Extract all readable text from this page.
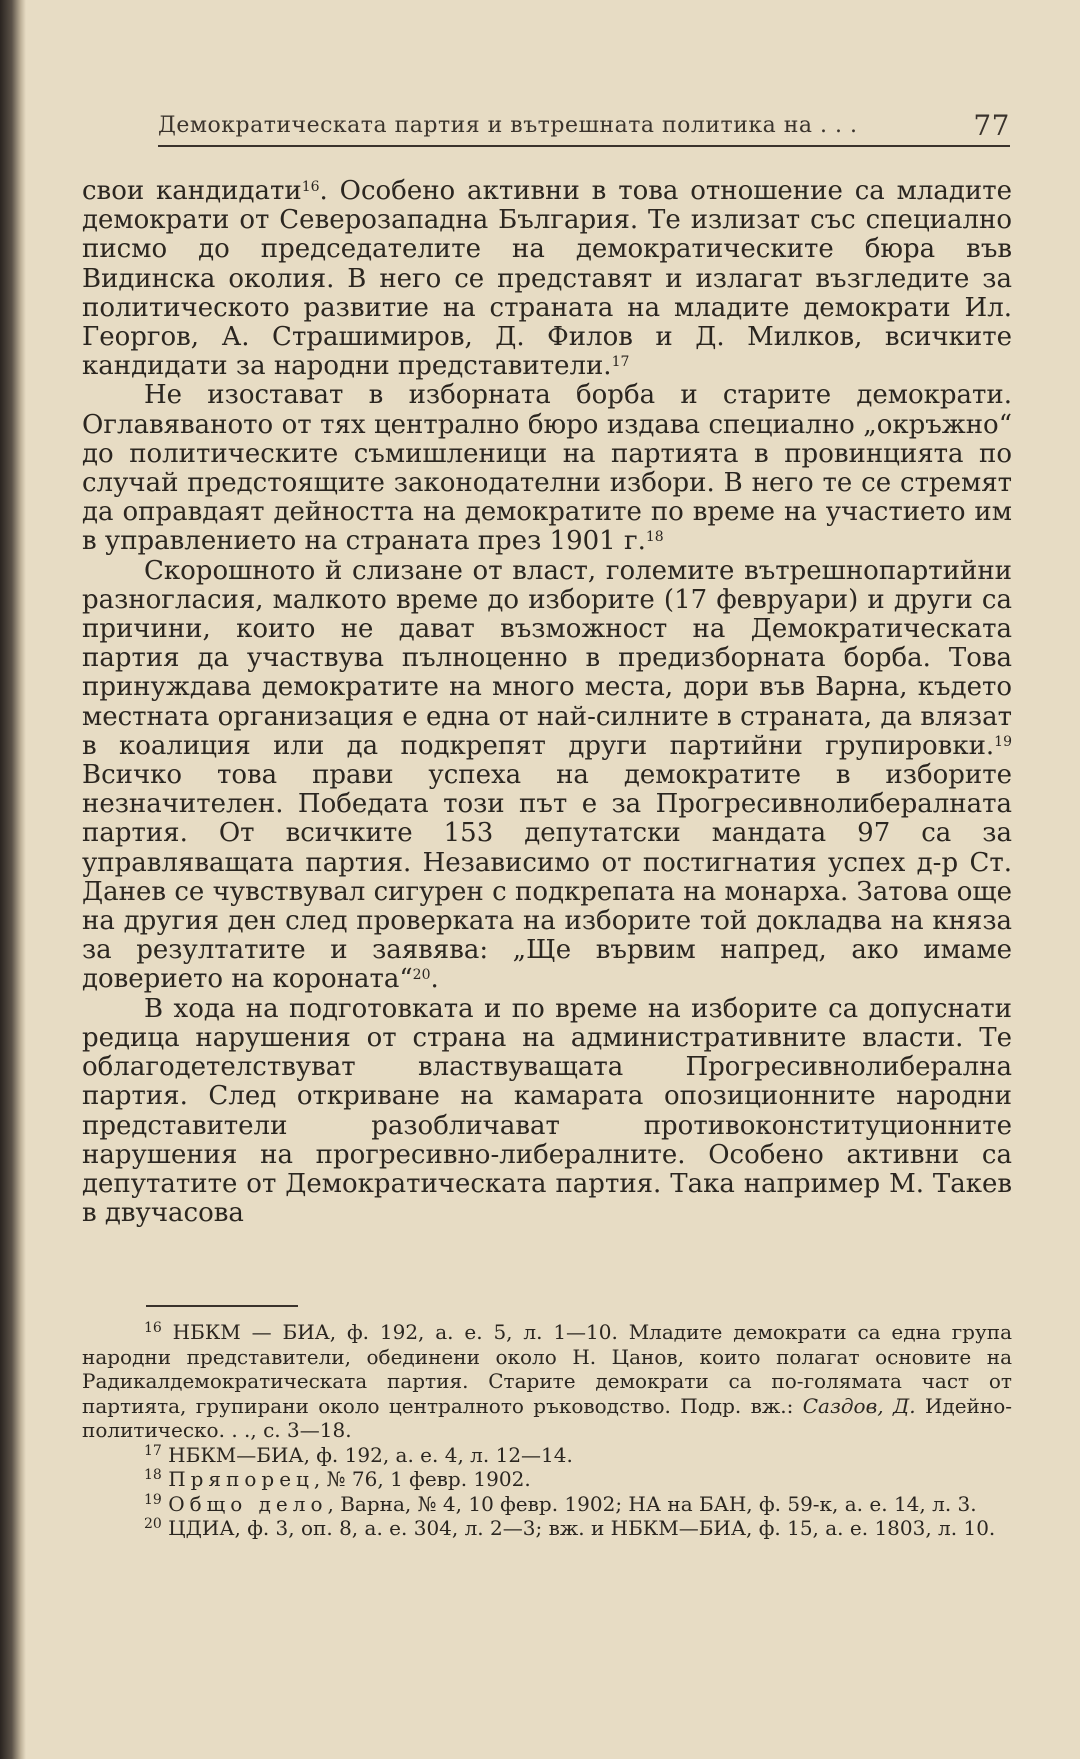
Демократическата партия и вътрешната политика на . . .	77

свои кандидати$^{16}$. Особено активни в това отношение са младите демократи от Северозападна България. Те излизат със специално писмо до председателите на демократическите бюра във Видинска околия. В него се представят и излагат възгледите за политическото развитие на страната на младите демократи Ил. Георгов, А. Страшимиров, Д. Филов и Д. Милков, всичките кандидати за народни представители.$^{17}$

Не изостават в изборната борба и старите демократи. Оглавяваното от тях централно бюро издава специално „окръжно“ до политическите съмишленици на партията в провинцията по случай предстоящите законодателни избори. В него те се стремят да оправдаят дейността на демократите по време на участието им в управлението на страната през 1901 г.$^{18}$

Скорошното й слизане от власт, големите вътрешнопартийни разногласия, малкото време до изборите (17 февруари) и други са причини, които не дават възможност на Демократическата партия да участвува пълноценно в предизборната борба. Това принуждава демократите на много места, дори във Варна, където местната организация е една от най-силните в страната, да влязат в коалиция или да подкрепят други партийни групировки.$^{19}$ Всичко това прави успеха на демократите в изборите незначителен. Победата този път е за Прогресивнолибералната партия. От всичките 153 депутатски мандата 97 са за управляващата партия. Независимо от постигнатия успех д-р Ст. Данев се чувствувал сигурен с подкрепата на монарха. Затова още на другия ден след проверката на изборите той докладва на княза за резултатите и заявява: „Ще вървим напред, ако имаме доверието на короната“$^{20}$.

В хода на подготовката и по време на изборите са допуснати редица нарушения от страна на административните власти. Те облагодетелствуват властвуващата Прогресивнолиберална партия. След откриване на камарата опозиционните народни представители разобличават противоконституционните нарушения на прогресивно-либералните. Особено активни са депутатите от Демократическата партия. Така например М. Такев в двучасова

$^{16}$ НБКМ — БИА, ф. 192, а. е. 5, л. 1—10. Младите демократи са една група народни представители, обединени около Н. Цанов, които полагат основите на Радикалдемократическата партия. Старите демократи са по-голямата част от партията, групирани около централното ръководство. Подр. вж.: Саздов, Д. Идейно-политическо. . ., с. 3—18.

$^{17}$ НБКМ—БИА, ф. 192, а. е. 4, л. 12—14.

$^{18}$ Пряпорец, № 76, 1 февр. 1902.

$^{19}$ Общо дело, Варна, № 4, 10 февр. 1902; НА на БАН, ф. 59-к, а. е. 14, л. 3.

$^{20}$ ЦДИА, ф. 3, оп. 8, а. е. 304, л. 2—3; вж. и НБКМ—БИА, ф. 15, а. е. 1803, л. 10.
